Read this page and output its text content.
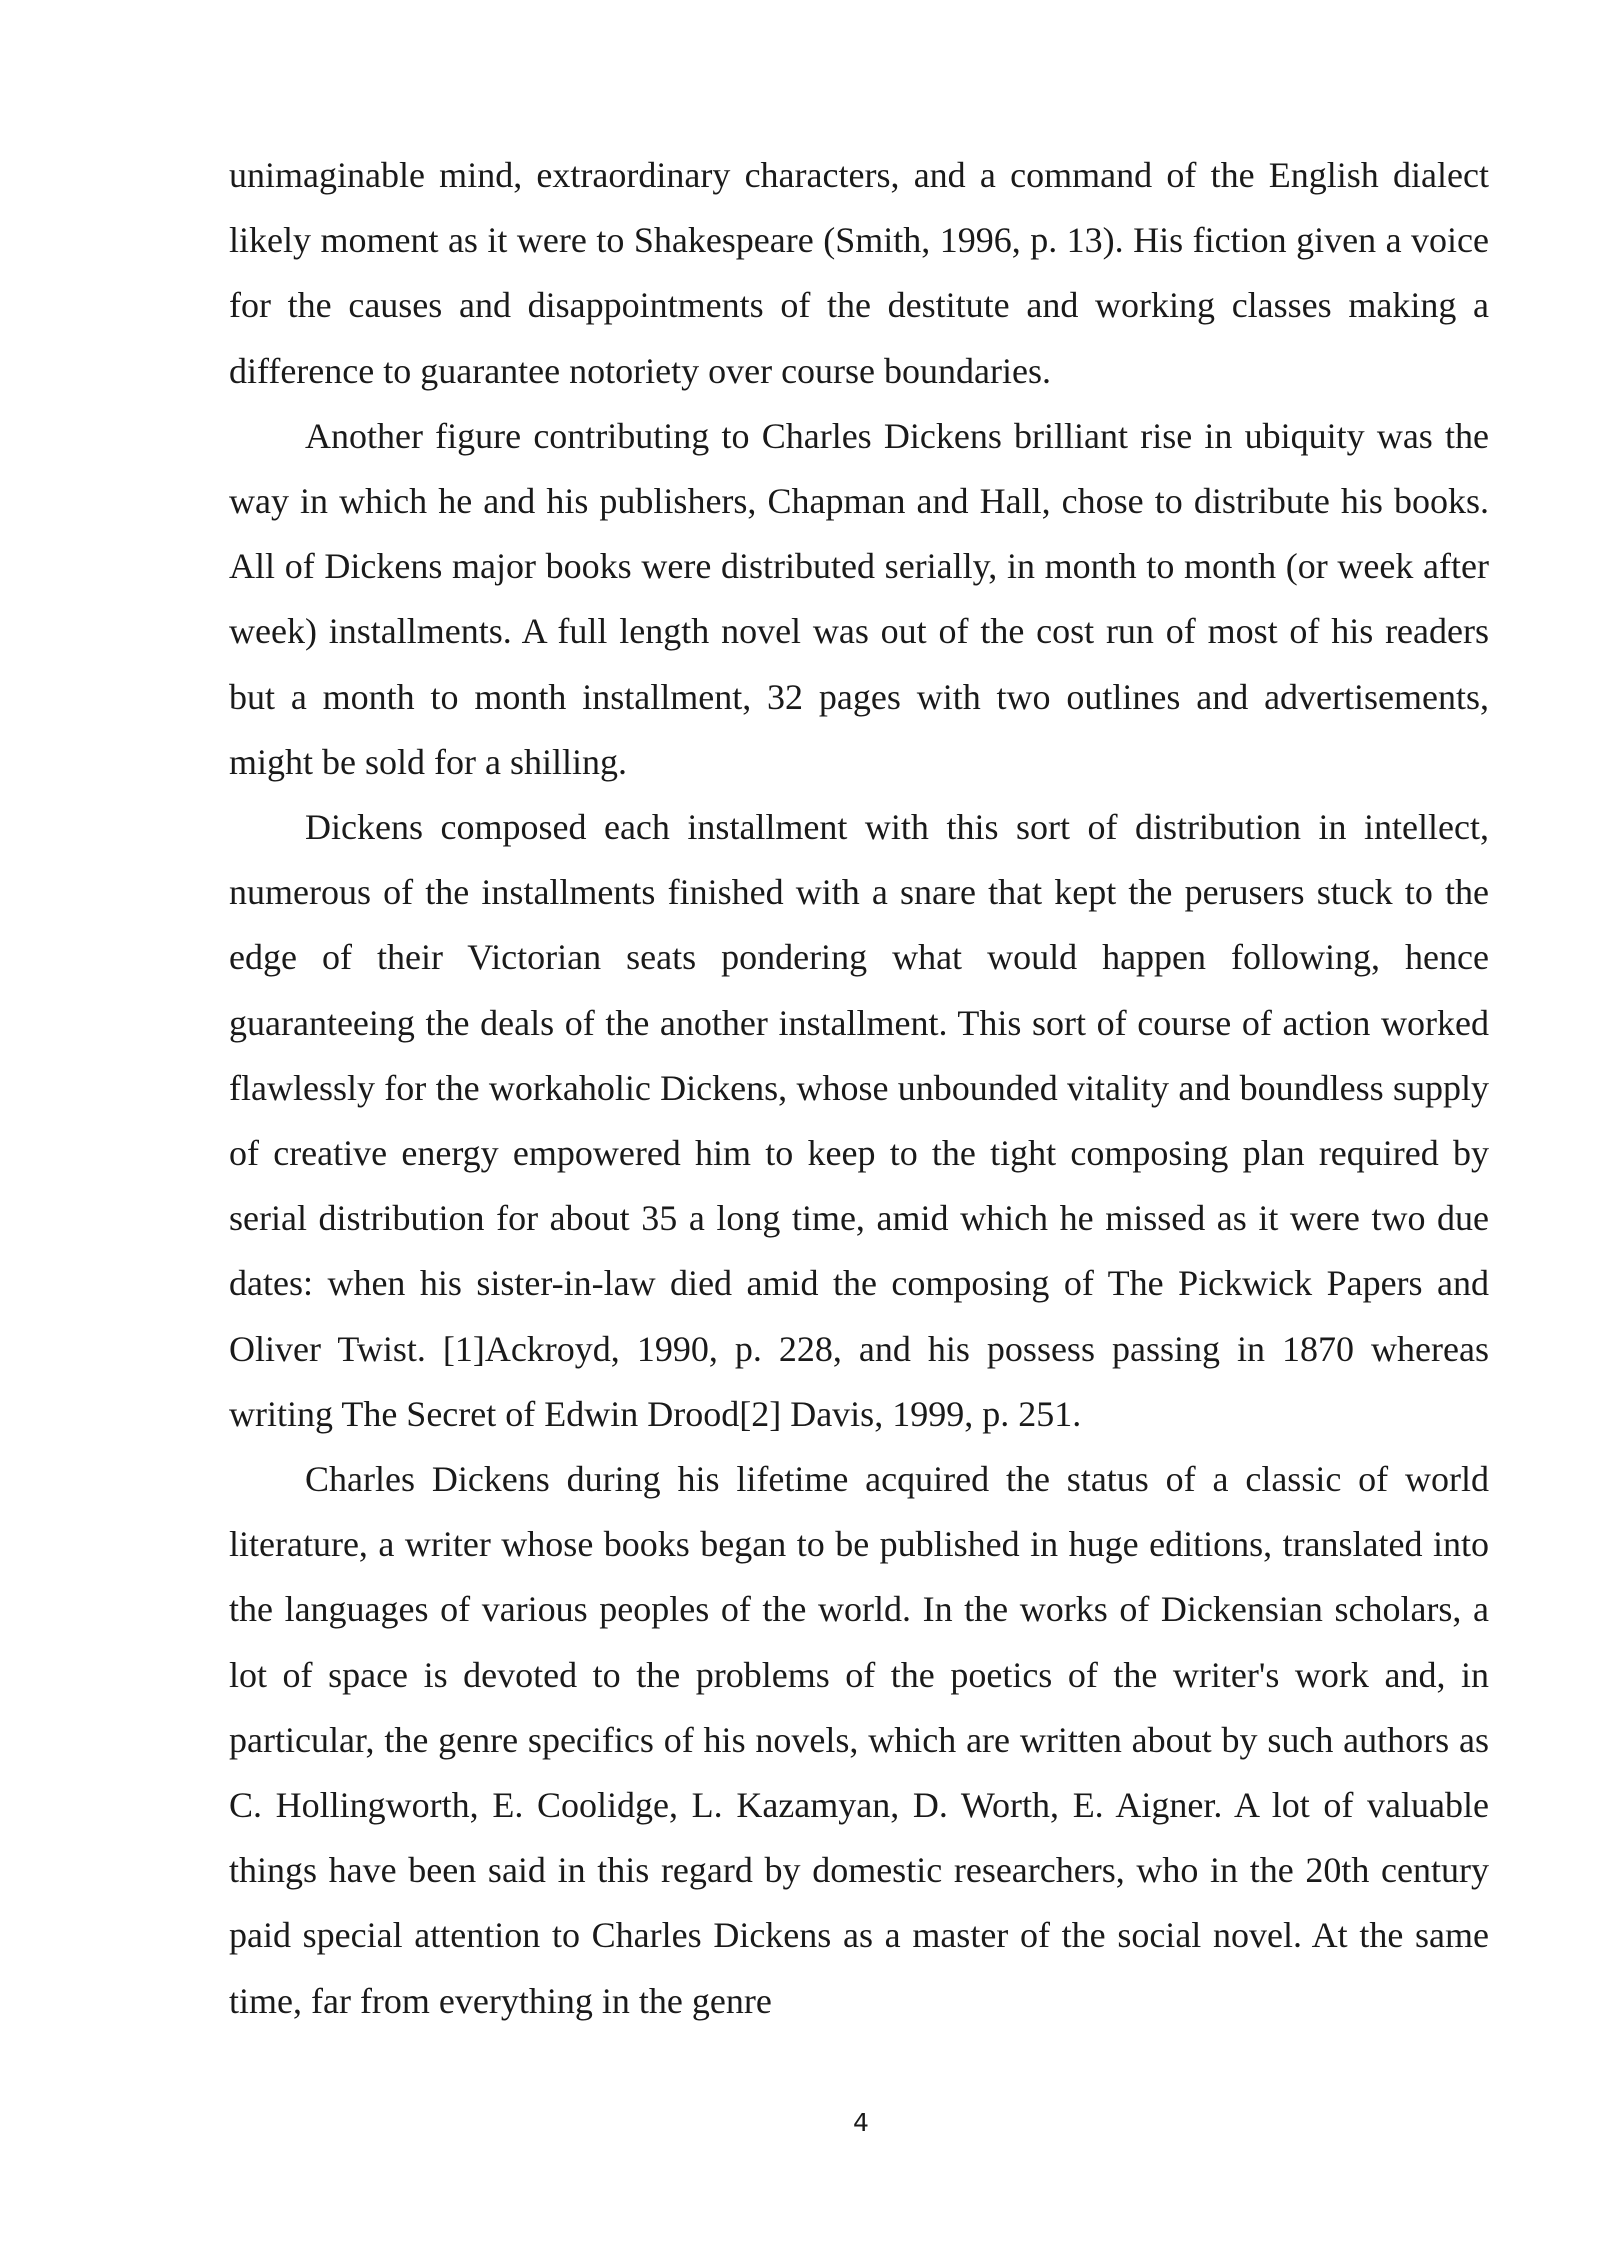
unimaginable mind, extraordinary characters, and a command of the English dialect likely moment as it were to Shakespeare (Smith, 1996, p. 13). His fiction given a voice for the causes and disappointments of the destitute and working classes making a difference to guarantee notoriety over course boundaries.

Another figure contributing to Charles Dickens brilliant rise in ubiquity was the way in which he and his publishers, Chapman and Hall, chose to distribute his books. All of Dickens major books were distributed serially, in month to month (or week after week) installments. A full length novel was out of the cost run of most of his readers but a month to month installment, 32 pages with two outlines and advertisements, might be sold for a shilling.

Dickens composed each installment with this sort of distribution in intellect, numerous of the installments finished with a snare that kept the perusers stuck to the edge of their Victorian seats pondering what would happen following, hence guaranteeing the deals of the another installment. This sort of course of action worked flawlessly for the workaholic Dickens, whose unbounded vitality and boundless supply of creative energy empowered him to keep to the tight composing plan required by serial distribution for about 35 a long time, amid which he missed as it were two due dates: when his sister-in-law died amid the composing of The Pickwick Papers and Oliver Twist. [1]Ackroyd, 1990, p. 228, and his possess passing in 1870 whereas writing The Secret of Edwin Drood[2] Davis, 1999, p. 251.

Charles Dickens during his lifetime acquired the status of a classic of world literature, a writer whose books began to be published in huge editions, translated into the languages of various peoples of the world. In the works of Dickensian scholars, a lot of space is devoted to the problems of the poetics of the writer's work and, in particular, the genre specifics of his novels, which are written about by such authors as C. Hollingworth, E. Coolidge, L. Kazamyan, D. Worth, E. Aigner. A lot of valuable things have been said in this regard by domestic researchers, who in the 20th century paid special attention to Charles Dickens as a master of the social novel. At the same time, far from everything in the genre

4
